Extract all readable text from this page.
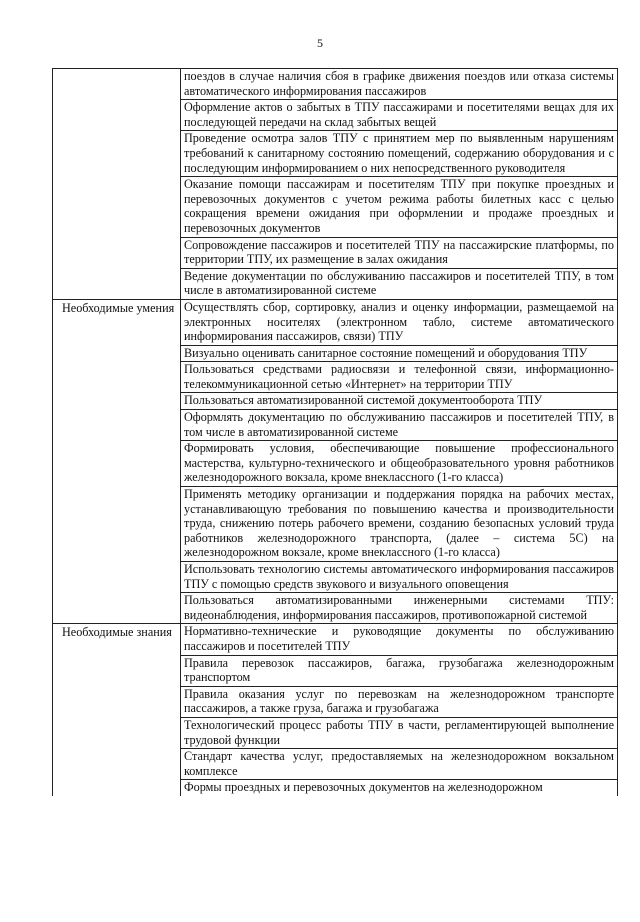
5
	поездов в случае наличия сбоя в графике движения поездов или отказа системы автоматического информирования пассажиров
	Оформление актов о забытых в ТПУ пассажирами и посетителями вещах для их последующей передачи на склад забытых вещей
	Проведение осмотра залов ТПУ с принятием мер по выявленным нарушениям требований к санитарному состоянию помещений, содержанию оборудования и с последующим информированием о них непосредственного руководителя
	Оказание помощи пассажирам и посетителям ТПУ при покупке проездных и перевозочных документов с учетом режима работы билетных касс с целью сокращения времени ожидания при оформлении и продаже проездных и перевозочных документов
	Сопровождение пассажиров и посетителей ТПУ на пассажирские платформы, по территории ТПУ, их размещение в залах ожидания
	Ведение документации по обслуживанию пассажиров и посетителей ТПУ, в том числе в автоматизированной системе

Необходимые умения	Осуществлять сбор, сортировку, анализ и оценку информации, размещаемой на электронных носителях (электронном табло, системе автоматического информирования пассажиров, связи) ТПУ
	Визуально оценивать санитарное состояние помещений и оборудования ТПУ
	Пользоваться средствами радиосвязи и телефонной связи, информационно-телекоммуникационной сетью «Интернет» на территории ТПУ
	Пользоваться автоматизированной системой документооборота ТПУ
	Оформлять документацию по обслуживанию пассажиров и посетителей ТПУ, в том числе в автоматизированной системе
	Формировать условия, обеспечивающие повышение профессионального мастерства, культурно-технического и общеобразовательного уровня работников железнодорожного вокзала, кроме внеклассного (1-го класса)
	Применять методику организации и поддержания порядка на рабочих местах, устанавливающую требования по повышению качества и производительности труда, снижению потерь рабочего времени, созданию безопасных условий труда работников железнодорожного транспорта, (далее – система 5С) на железнодорожном вокзале, кроме внеклассного (1-го класса)
	Использовать технологию системы автоматического информирования пассажиров ТПУ с помощью средств звукового и визуального оповещения
	Пользоваться автоматизированными инженерными системами ТПУ: видеонаблюдения, информирования пассажиров, противопожарной системой

Необходимые знания	Нормативно-технические и руководящие документы по обслуживанию пассажиров и посетителей ТПУ
	Правила перевозок пассажиров, багажа, грузобагажа железнодорожным транспортом
	Правила оказания услуг по перевозкам на железнодорожном транспорте пассажиров, а также груза, багажа и грузобагажа
	Технологический процесс работы ТПУ в части, регламентирующей выполнение трудовой функции
	Стандарт качества услуг, предоставляемых на железнодорожном вокзальном комплексе
	Формы проездных и перевозочных документов на железнодорожном
